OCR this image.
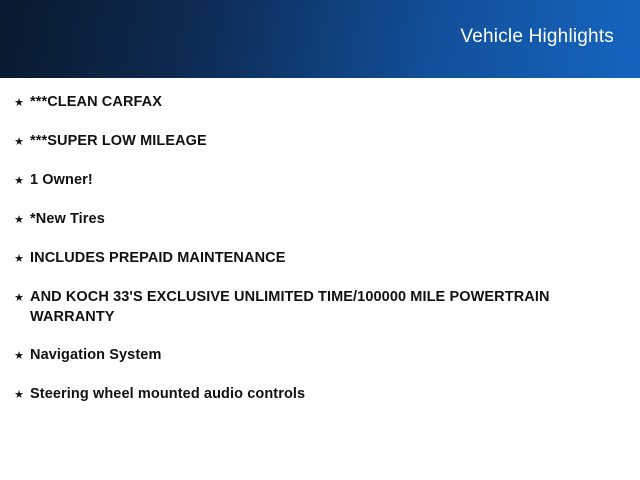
Vehicle Highlights
★ ***CLEAN CARFAX
★ ***SUPER LOW MILEAGE
★ 1 Owner!
★ *New Tires
★ INCLUDES PREPAID MAINTENANCE
★ AND KOCH 33'S EXCLUSIVE UNLIMITED TIME/100000 MILE POWERTRAIN WARRANTY
★ Navigation System
★ Steering wheel mounted audio controls
